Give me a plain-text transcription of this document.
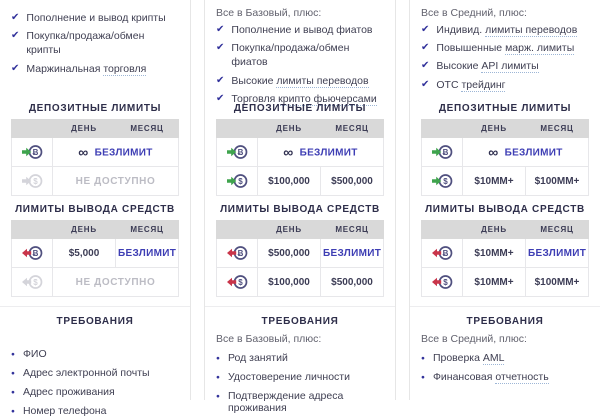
✔ Пополнение и вывод крипты
✔ Покупка/продажа/обмен крипты
✔ Маржинальная торговля
ДЕПОЗИТНЫЕ ЛИМИТЫ
	ДЕНЬ	МЕСЯЦ

Ƀ	∞ БЕЗЛИМИТ	

$	НЕ ДОСТУПНО	
ЛИМИТЫ ВЫВОДА СРЕДСТВ
	ДЕНЬ	МЕСЯЦ

Ƀ	$5,000	БЕЗЛИМИТ

$	НЕ ДОСТУПНО	
ТРЕБОВАНИЯ
● ФИО
● Адрес электронной почты
● Адрес проживания
● Номер телефона

Все в Базовый, плюс:

✔ Пополнение и вывод фиатов
✔ Покупка/продажа/обмен фиатов
✔ Высокие лимиты переводов
✔ Торговля крипто фьючерсами
ДЕПОЗИТНЫЕ ЛИМИТЫ
	ДЕНЬ	МЕСЯЦ

Ƀ	∞ БЕЗЛИМИТ	

$	$100,000	$500,000
ЛИМИТЫ ВЫВОДА СРЕДСТВ
	ДЕНЬ	МЕСЯЦ

Ƀ	$500,000	БЕЗЛИМИТ

$	$100,000	$500,000
ТРЕБОВАНИЯ

Все в Базовый, плюс:

● Род занятий
● Удостоверение личности
● Подтверждение адреса проживания

Все в Средний, плюс:

✔ Индивид. лимиты переводов
✔ Повышенные марж. лимиты
✔ Высокие API лимиты
✔ OTC трейдинг
ДЕПОЗИТНЫЕ ЛИМИТЫ
	ДЕНЬ	МЕСЯЦ

Ƀ	∞ БЕЗЛИМИТ	

$	$10MM+	$100MM+
ЛИМИТЫ ВЫВОДА СРЕДСТВ
	ДЕНЬ	МЕСЯЦ

Ƀ	$10MM+	БЕЗЛИМИТ

$	$10MM+	$100MM+
ТРЕБОВАНИЯ

Все в Средний, плюс:

● Проверка AML
● Финансовая отчетность
